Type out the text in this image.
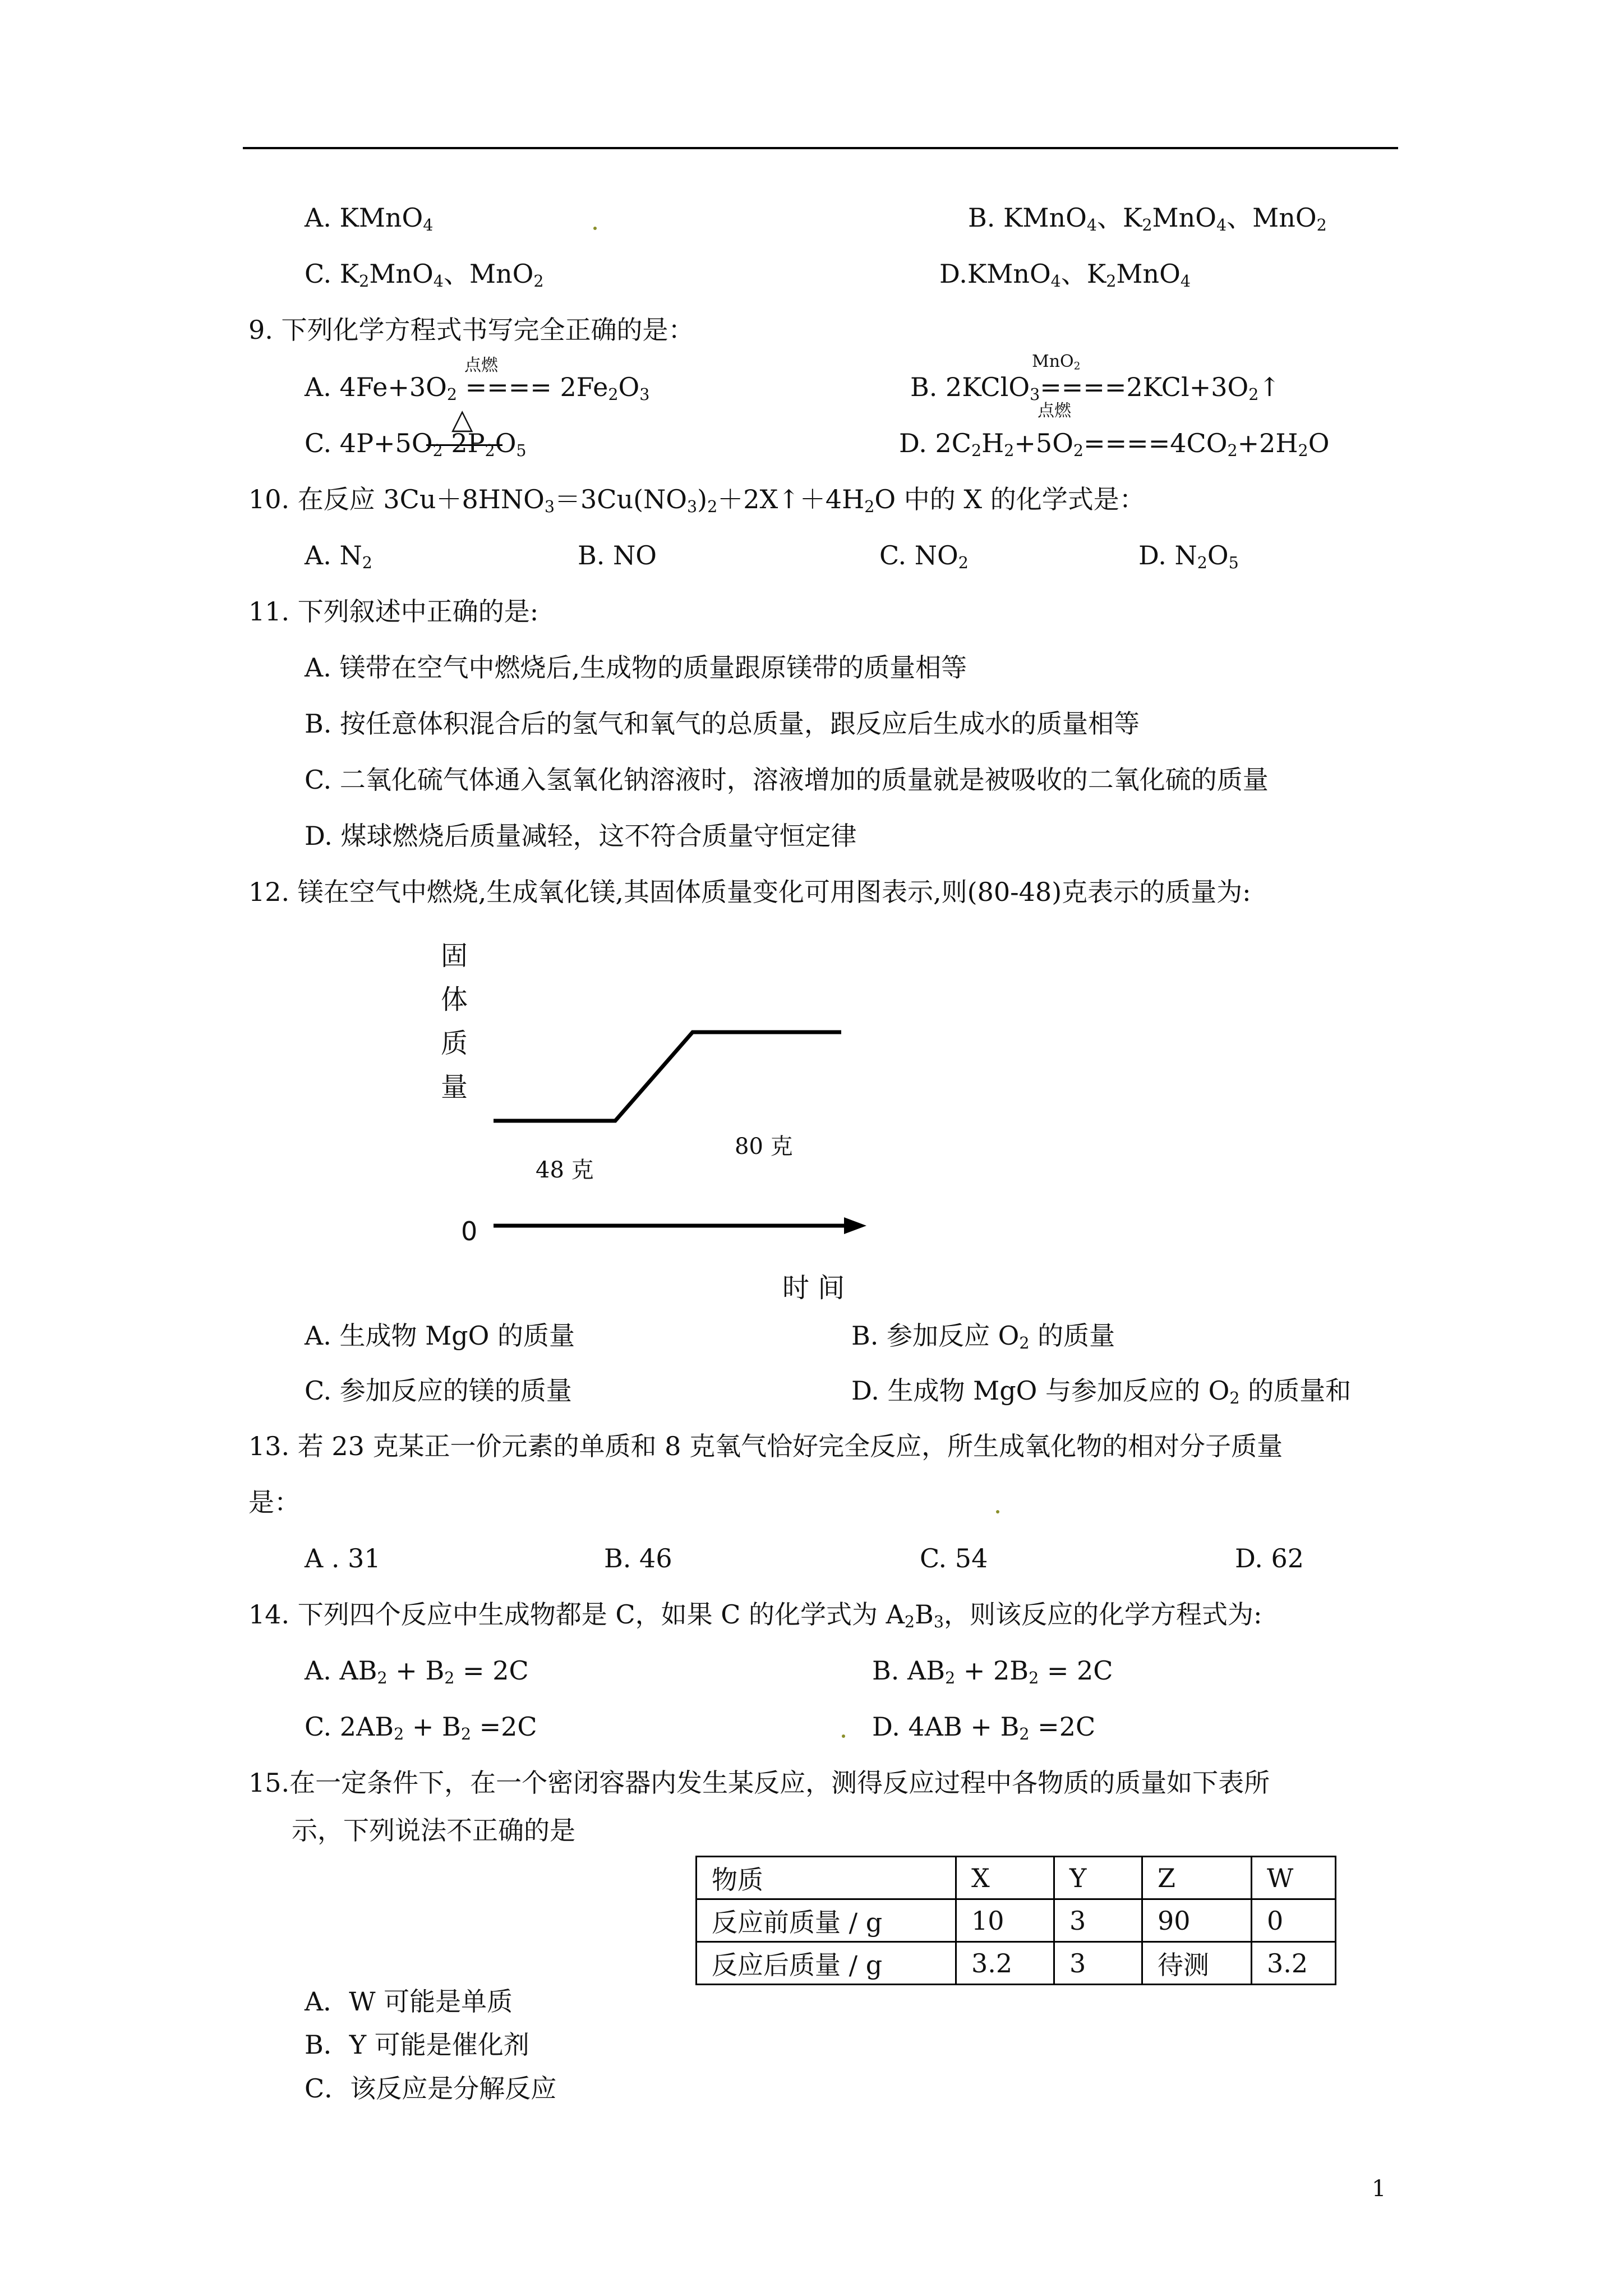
A. KMnO$_4$	B. KMnO$_4$、$K_2MnO_4$、MnO$_2$
C. $K_2MnO_4$、MnO$_2$	D.KMnO$_4$、$K_2MnO_4$
9. 下列化学方程式书写完全正确的是：
点燃
A. $4Fe+3O_2$ ==== $2Fe_2O_3$
MnO$_2$
B. $2KClO_3====2KCl+3O_2↑$
△
C. $4P+5O_2$ $2P_2O_5$
点燃
D. $2C_2H_2+5O_2====4CO_2+2H_2O$
10. 在反应 $3Cu+8HNO_3=3Cu(NO_3)_2+2X↑+4H_2O$ 中的 X 的化学式是：
A. $N_2$	B. NO	C. $NO_2$	D. $N_2O_5$
11. 下列叙述中正确的是:
A. 镁带在空气中燃烧后,生成物的质量跟原镁带的质量相等
B. 按任意体积混合后的氢气和氧气的总质量，跟反应后生成水的质量相等
C. 二氧化硫气体通入氢氧化钠溶液时，溶液增加的质量就是被吸收的二氧化硫的质量
D. 煤球燃烧后质量减轻，这不符合质量守恒定律
12. 镁在空气中燃烧,生成氧化镁,其固体质量变化可用图表示,则(80-48)克表示的质量为:
固
体
质
量
48 克
80 克
0
时 间
A. 生成物 MgO 的质量	B. 参加反应 $O_2$ 的质量
C. 参加反应的镁的质量	D. 生成物 MgO 与参加反应的 $O_2$ 的质量和
13. 若 23 克某正一价元素的单质和 8 克氧气恰好完全反应，所生成氧化物的相对分子质量
是：
A . 31	B. 46	C. 54	D. 62
14. 下列四个反应中生成物都是 C，如果 C 的化学式为 $A_2B_3$，则该反应的化学方程式为:
A. $AB_2 + B_2 = 2C$	B. $AB_2 + 2B_2 = 2C$
C. $2AB_2 + B_2 =2C$	D. $4AB + B_2 =2C$
15.在一定条件下，在一个密闭容器内发生某反应，测得反应过程中各物质的质量如下表所
示，下列说法不正确的是
物质	X	Y	Z	W
反应前质量 / g	10	3	90	0
反应后质量 / g	3.2	3	待测	3.2
A．W 可能是单质
B．Y 可能是催化剂
C．该反应是分解反应
1
